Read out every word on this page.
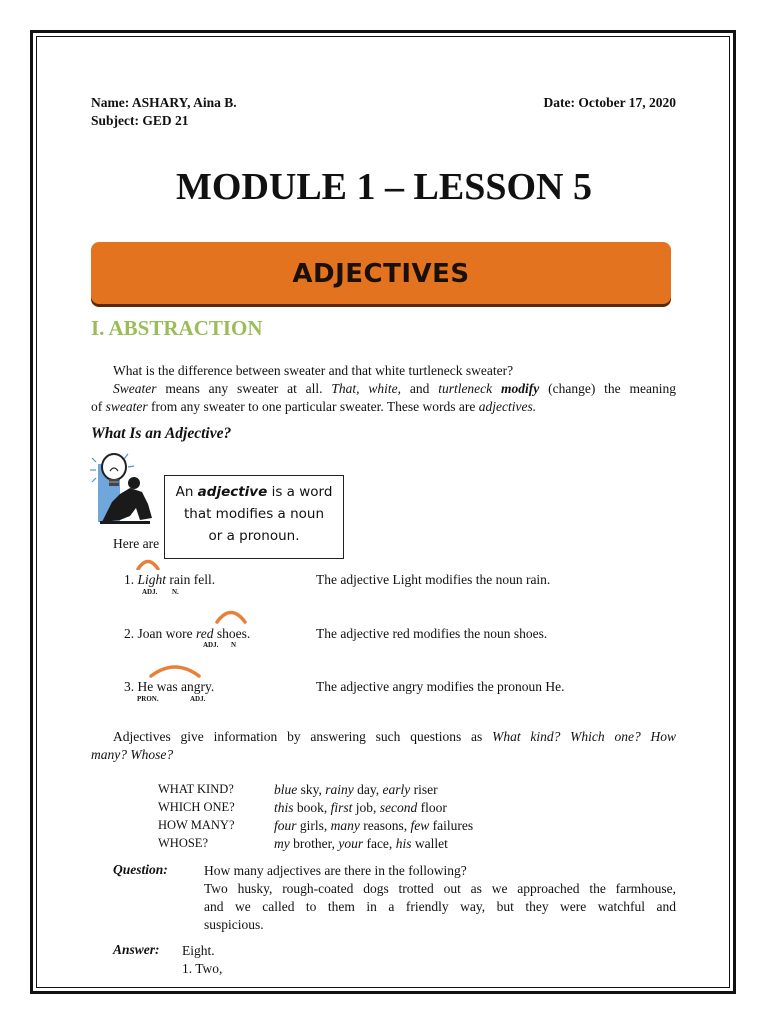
Name: ASHARY, Aina B.
Subject: GED 21
Date: October 17, 2020
MODULE 1 – LESSON 5
ADJECTIVES
I. ABSTRACTION
What is the difference between sweater and that white turtleneck sweater?
Sweater means any sweater at all. That, white, and turtleneck modify (change) the meaning
of sweater from any sweater to one particular sweater. These words are adjectives.
What Is an Adjective?
An adjective is a word
that modifies a noun
or a pronoun.
Here are
1. Light rain fell.
ADJ. N.
The adjective Light modifies the noun rain.
2. Joan wore red shoes.
ADJ. N
The adjective red modifies the noun shoes.
3. He was angry.
PRON.	ADJ.
The adjective angry modifies the pronoun He.
Adjectives give information by answering such questions as What kind? Which one? How
many? Whose?
WHAT KIND?	blue sky, rainy day, early riser
WHICH ONE?	this book, first job, second floor
HOW MANY?	four girls, many reasons, few failures
WHOSE?	my brother, your face, his wallet
Question:	How many adjectives are there in the following?
Two husky, rough-coated dogs trotted out as we approached the farmhouse,
and we called to them in a friendly way, but they were watchful and
suspicious.
Answer: Eight.
1. Two,
